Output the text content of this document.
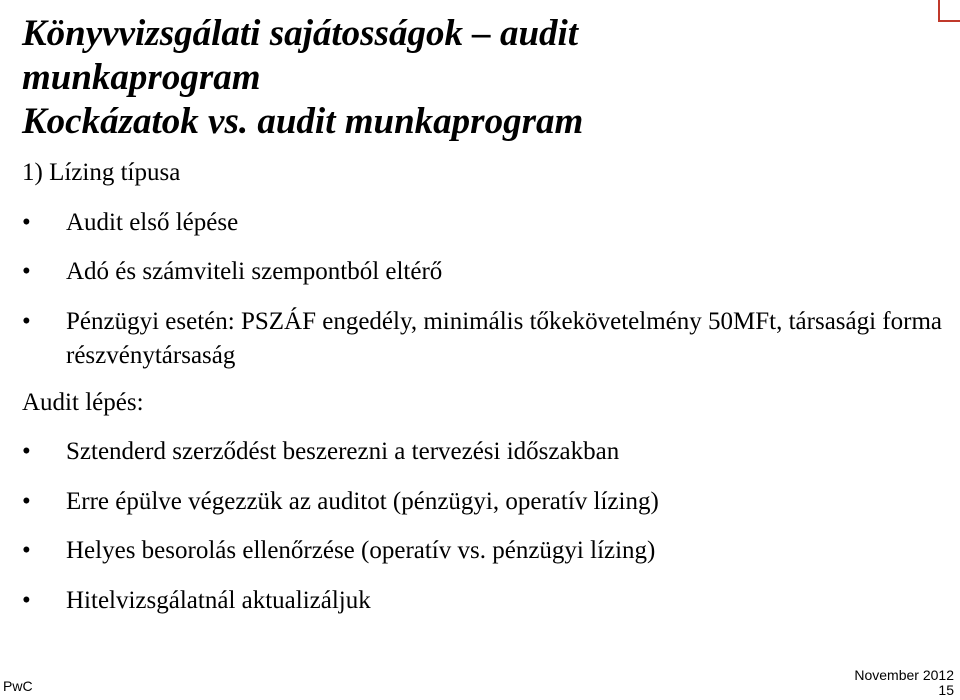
Könyvvizsgálati sajátosságok – audit
munkaprogram
Kockázatok vs. audit munkaprogram

1) Lízing típusa

• Audit első lépése

• Adó és számviteli szempontból eltérő

• Pénzügyi esetén: PSZÁF engedély, minimális tőkekövetelmény 50MFt, társasági forma részvénytársaság

Audit lépés:

• Sztenderd szerződést beszerezni a tervezési időszakban

• Erre épülve végezzük az auditot (pénzügyi, operatív lízing)

• Helyes besorolás ellenőrzése (operatív vs. pénzügyi lízing)

• Hitelvizsgálatnál aktualizáljuk

PwC
November 2012
15
